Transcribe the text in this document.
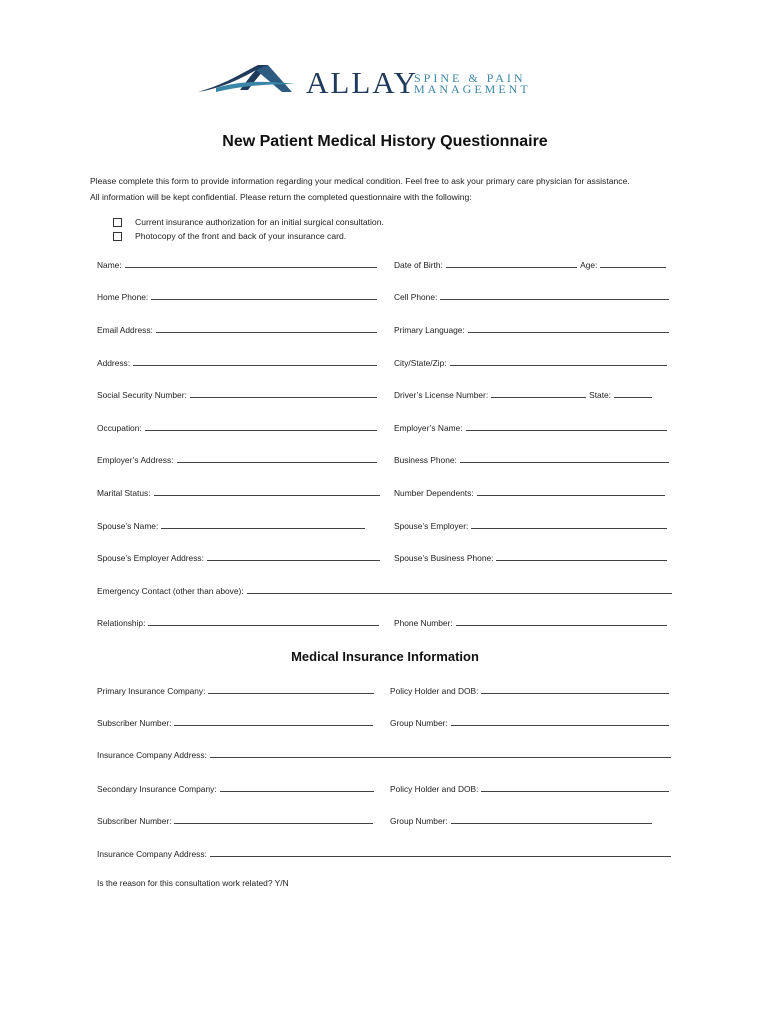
ALLAY
SPINE & PAIN
MANAGEMENT
New Patient Medical History Questionnaire
Please complete this form to provide information regarding your medical condition. Feel free to ask your primary care physician for assistance.
All information will be kept confidential. Please return the completed questionnaire with the following:
Current insurance authorization for an initial surgical consultation.
Photocopy of the front and back of your insurance card.
Name:	Date of Birth:	Age:
Home Phone:	Cell Phone:
Email Address:	Primary Language:
Address:	City/State/Zip:
Social Security Number:	Driver’s License Number:	State:
Occupation:	Employer’s Name:
Employer’s Address:	Business Phone:
Marital Status:	Number Dependents:
Spouse’s Name:	Spouse’s Employer:
Spouse’s Employer Address:	Spouse’s Business Phone:
Emergency Contact (other than above):
Relationship:	Phone Number:
Medical Insurance Information
Primary Insurance Company:	Policy Holder and DOB:
Subscriber Number:	Group Number:
Insurance Company Address:
Secondary Insurance Company:	Policy Holder and DOB:
Subscriber Number:	Group Number:
Insurance Company Address:
Is the reason for this consultation work related? Y/N
